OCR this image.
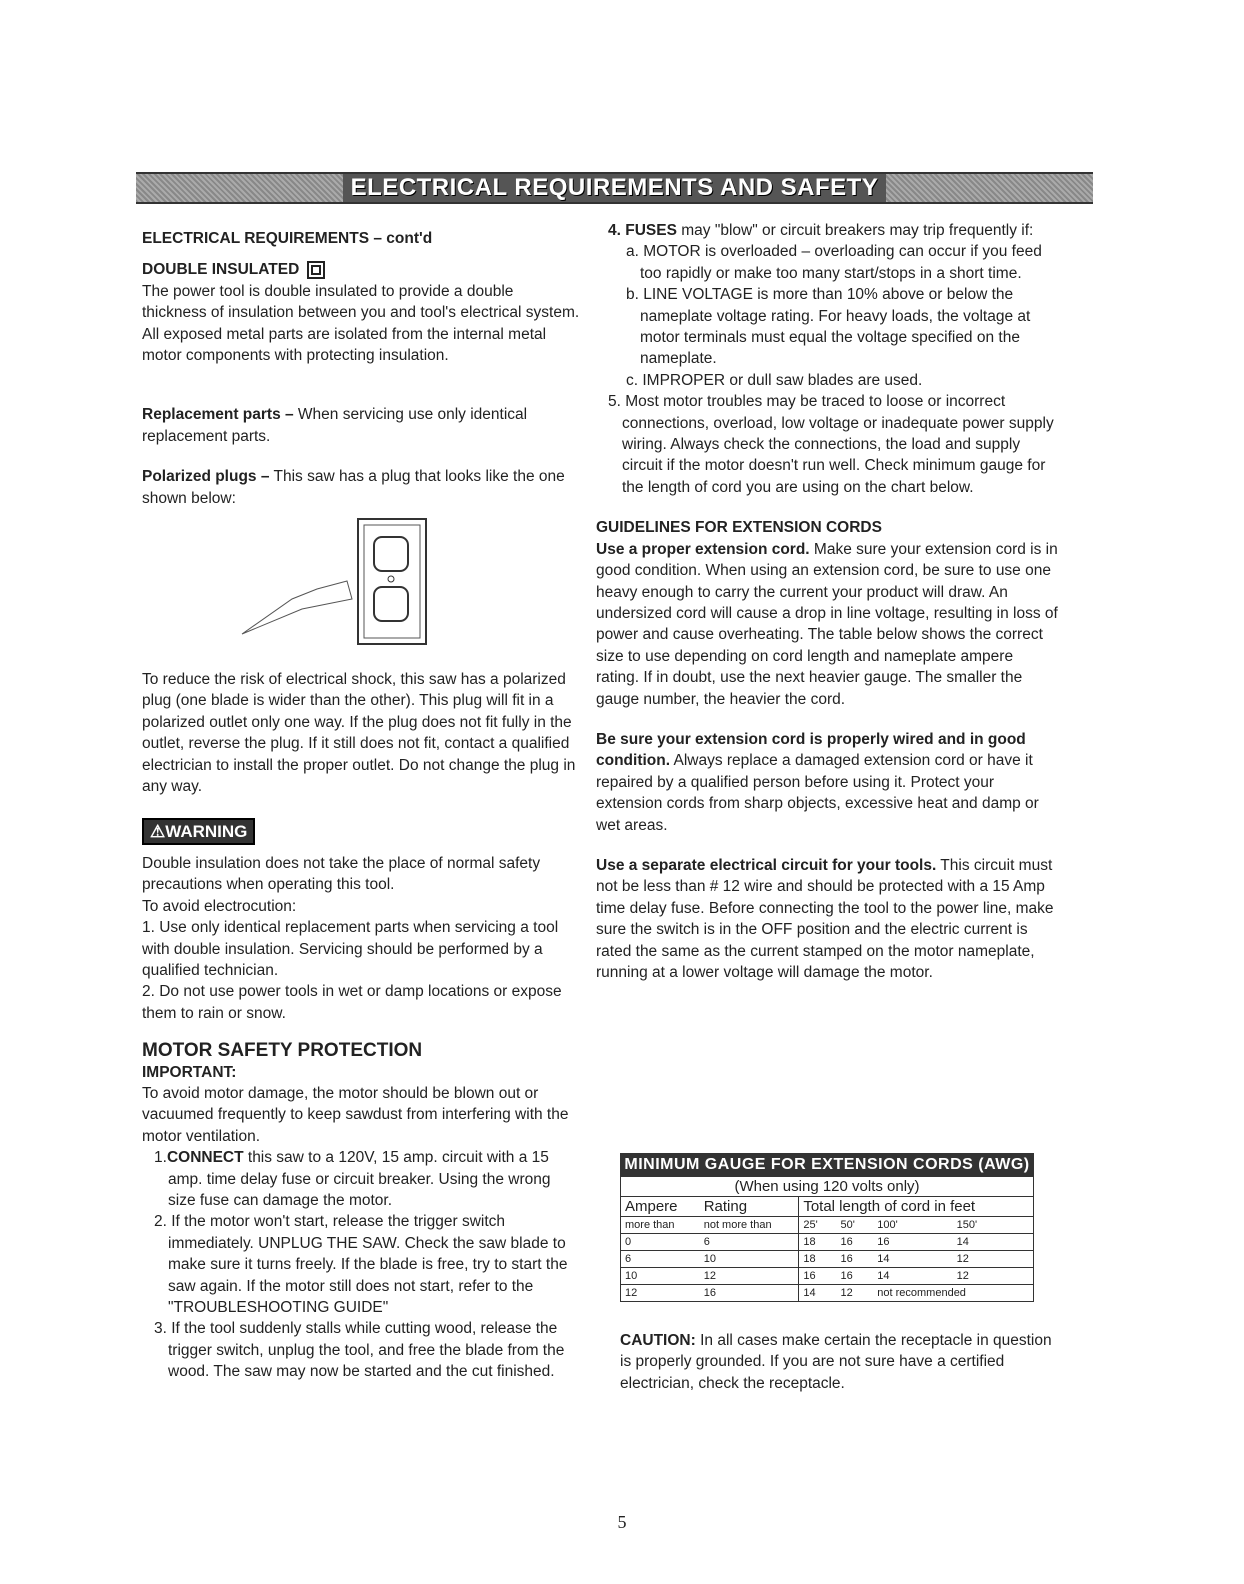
ELECTRICAL REQUIREMENTS AND SAFETY

ELECTRICAL REQUIREMENTS – cont'd

DOUBLE INSULATED

The power tool is double insulated to provide a double thickness of insulation between you and tool's electrical system. All exposed metal parts are isolated from the internal metal motor components with protecting insulation.

Replacement parts – When servicing use only identical replacement parts.

Polarized plugs – This saw has a plug that looks like the one shown below:

To reduce the risk of electrical shock, this saw has a polarized plug (one blade is wider than the other). This plug will fit in a polarized outlet only one way. If the plug does not fit fully in the outlet, reverse the plug. If it still does not fit, contact a qualified electrician to install the proper outlet. Do not change the plug in any way.

⚠WARNING

Double insulation does not take the place of normal safety precautions when operating this tool.

To avoid electrocution:

1. Use only identical replacement parts when servicing a tool with double insulation. Servicing should be performed by a qualified technician.

2. Do not use power tools in wet or damp locations or expose them to rain or snow.

MOTOR SAFETY PROTECTION

IMPORTANT:

To avoid motor damage, the motor should be blown out or vacuumed frequently to keep sawdust from interfering with the motor ventilation.

1.CONNECT this saw to a 120V, 15 amp. circuit with a 15 amp. time delay fuse or circuit breaker. Using the wrong size fuse can damage the motor.

2. If the motor won't start, release the trigger switch immediately. UNPLUG THE SAW. Check the saw blade to make sure it turns freely. If the blade is free, try to start the saw again. If the motor still does not start, refer to the "TROUBLESHOOTING GUIDE"

3. If the tool suddenly stalls while cutting wood, release the trigger switch, unplug the tool, and free the blade from the wood. The saw may now be started and the cut finished.

4. FUSES may "blow" or circuit breakers may trip frequently if:

a. MOTOR is overloaded – overloading can occur if you feed too rapidly or make too many start/stops in a short time.

b. LINE VOLTAGE is more than 10% above or below the nameplate voltage rating. For heavy loads, the voltage at motor terminals must equal the voltage specified on the nameplate.

c. IMPROPER or dull saw blades are used.

5. Most motor troubles may be traced to loose or incorrect connections, overload, low voltage or inadequate power supply wiring. Always check the connections, the load and supply circuit if the motor doesn't run well. Check minimum gauge for the length of cord you are using on the chart below.

GUIDELINES FOR EXTENSION CORDS

Use a proper extension cord. Make sure your extension cord is in good condition. When using an extension cord, be sure to use one heavy enough to carry the current your product will draw. An undersized cord will cause a drop in line voltage, resulting in loss of power and cause overheating. The table below shows the correct size to use depending on cord length and nameplate ampere rating. If in doubt, use the next heavier gauge. The smaller the gauge number, the heavier the cord.

Be sure your extension cord is properly wired and in good condition. Always replace a damaged extension cord or have it repaired by a qualified person before using it. Protect your extension cords from sharp objects, excessive heat and damp or wet areas.

Use a separate electrical circuit for your tools. This circuit must not be less than # 12 wire and should be protected with a 15 Amp time delay fuse. Before connecting the tool to the power line, make sure the switch is in the OFF position and the electric current is rated the same as the current stamped on the motor nameplate, running at a lower voltage will damage the motor.

MINIMUM GAUGE FOR EXTENSION CORDS (AWG)
(When using 120 volts only)					
Ampere	Rating	Total length of cord in feet			
more than	not more than	25'	50'	100'	150'
0	6	18	16	16	14
6	10	18	16	14	12
10	12	16	16	14	12
12	16	14	12	not recommended	

CAUTION: In all cases make certain the receptacle in question is properly grounded. If you are not sure have a certified electrician, check the receptacle.

5
